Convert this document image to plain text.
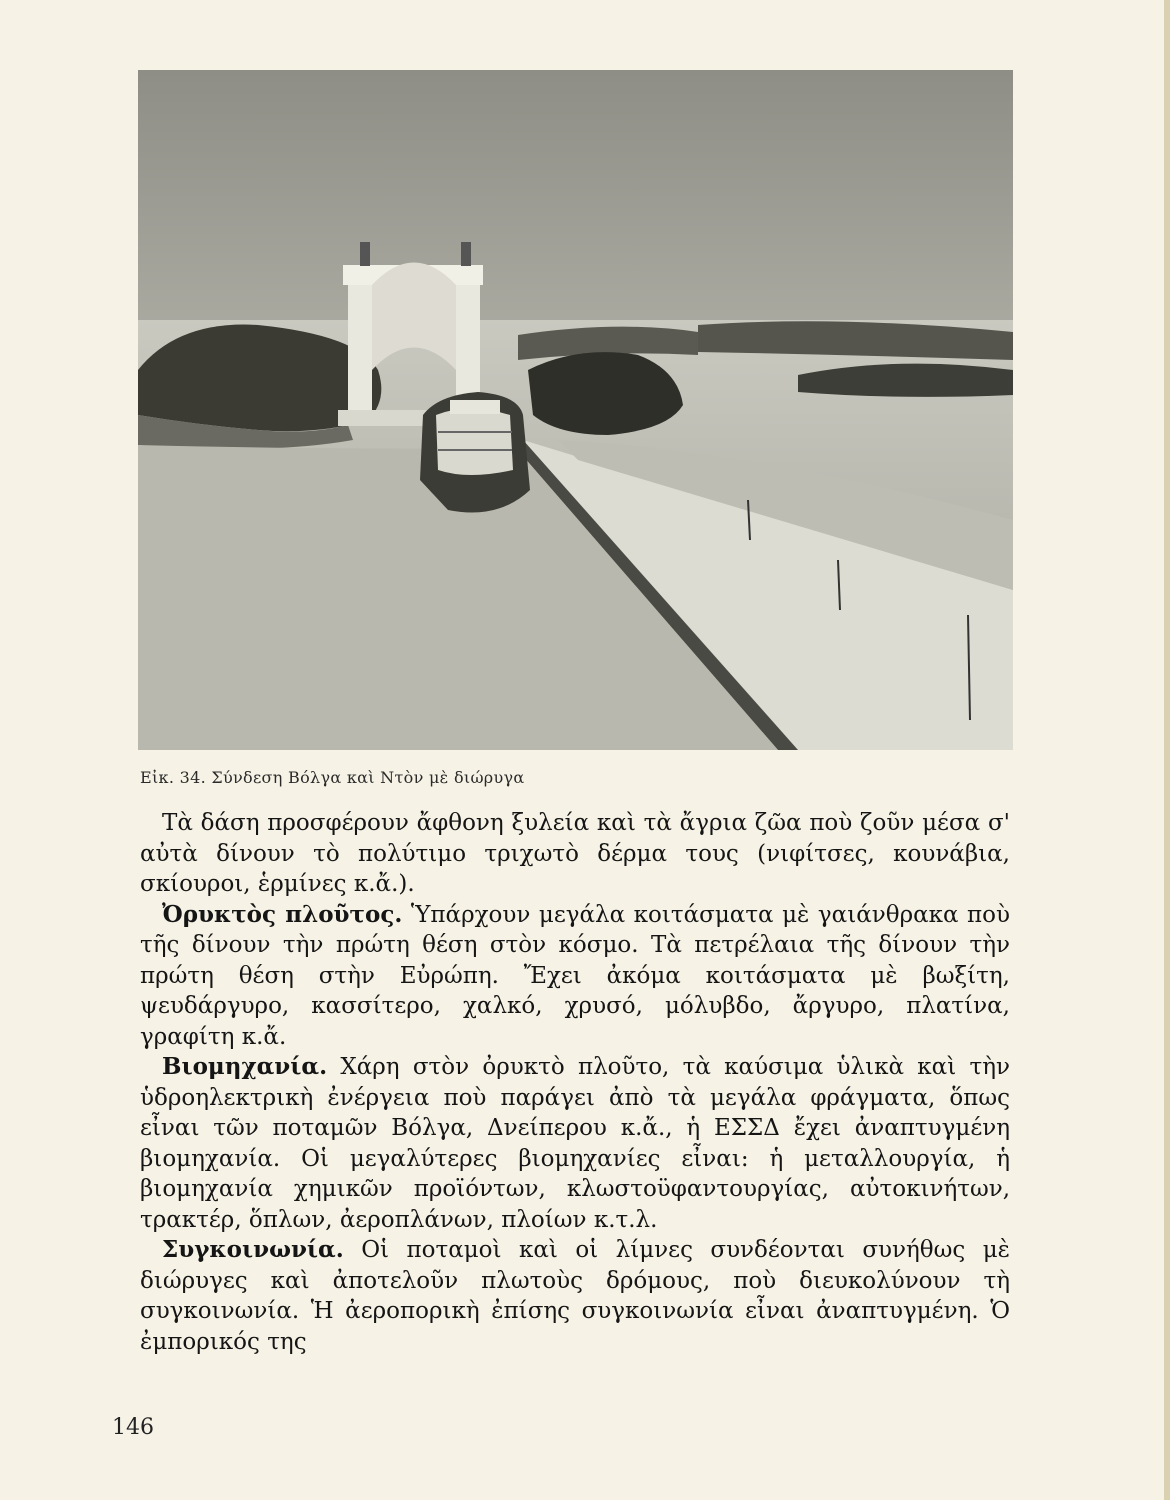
Εἰκ. 34. Σύνδεση Βόλγα καὶ Ντὸν μὲ διώρυγα

Τὰ δάση προσφέρουν ἄφθονη ξυλεία καὶ τὰ ἄγρια ζῶα ποὺ ζοῦν μέσα σ' αὐτὰ δίνουν τὸ πολύτιμο τριχωτὸ δέρμα τους (νιφίτσες, κουνάβια, σκίουροι, ἑρμίνες κ.ἄ.).

Ὀρυκτὸς πλοῦτος. Ὑπάρχουν μεγάλα κοιτάσματα μὲ γαιάνθρακα ποὺ τῆς δίνουν τὴν πρώτη θέση στὸν κόσμο. Τὰ πετρέλαια τῆς δίνουν τὴν πρώτη θέση στὴν Εὐρώπη. Ἔχει ἀκόμα κοιτάσματα μὲ βωξίτη, ψευδάργυρο, κασσίτερο, χαλκό, χρυσό, μόλυβδο, ἄργυρο, πλατίνα, γραφίτη κ.ἄ.

Βιομηχανία. Χάρη στὸν ὀρυκτὸ πλοῦτο, τὰ καύσιμα ὑλικὰ καὶ τὴν ὑδροηλεκτρικὴ ἐνέργεια ποὺ παράγει ἀπὸ τὰ μεγάλα φράγματα, ὅπως εἶναι τῶν ποταμῶν Βόλγα, Δνείπερου κ.ἄ., ἡ ΕΣΣΔ ἔχει ἀναπτυγμένη βιομηχανία. Οἱ μεγαλύτερες βιομηχανίες εἶναι: ἡ μεταλλουργία, ἡ βιομηχανία χημικῶν προϊόντων, κλωστοϋφαντουργίας, αὐτοκινήτων, τρακτέρ, ὅπλων, ἀεροπλάνων, πλοίων κ.τ.λ.

Συγκοινωνία. Οἱ ποταμοὶ καὶ οἱ λίμνες συνδέονται συνήθως μὲ διώρυγες καὶ ἀποτελοῦν πλωτοὺς δρόμους, ποὺ διευκολύνουν τὴ συγκοινωνία. Ἡ ἀεροπορικὴ ἐπίσης συγκοινωνία εἶναι ἀναπτυγμένη. Ὁ ἐμπορικός της

146
